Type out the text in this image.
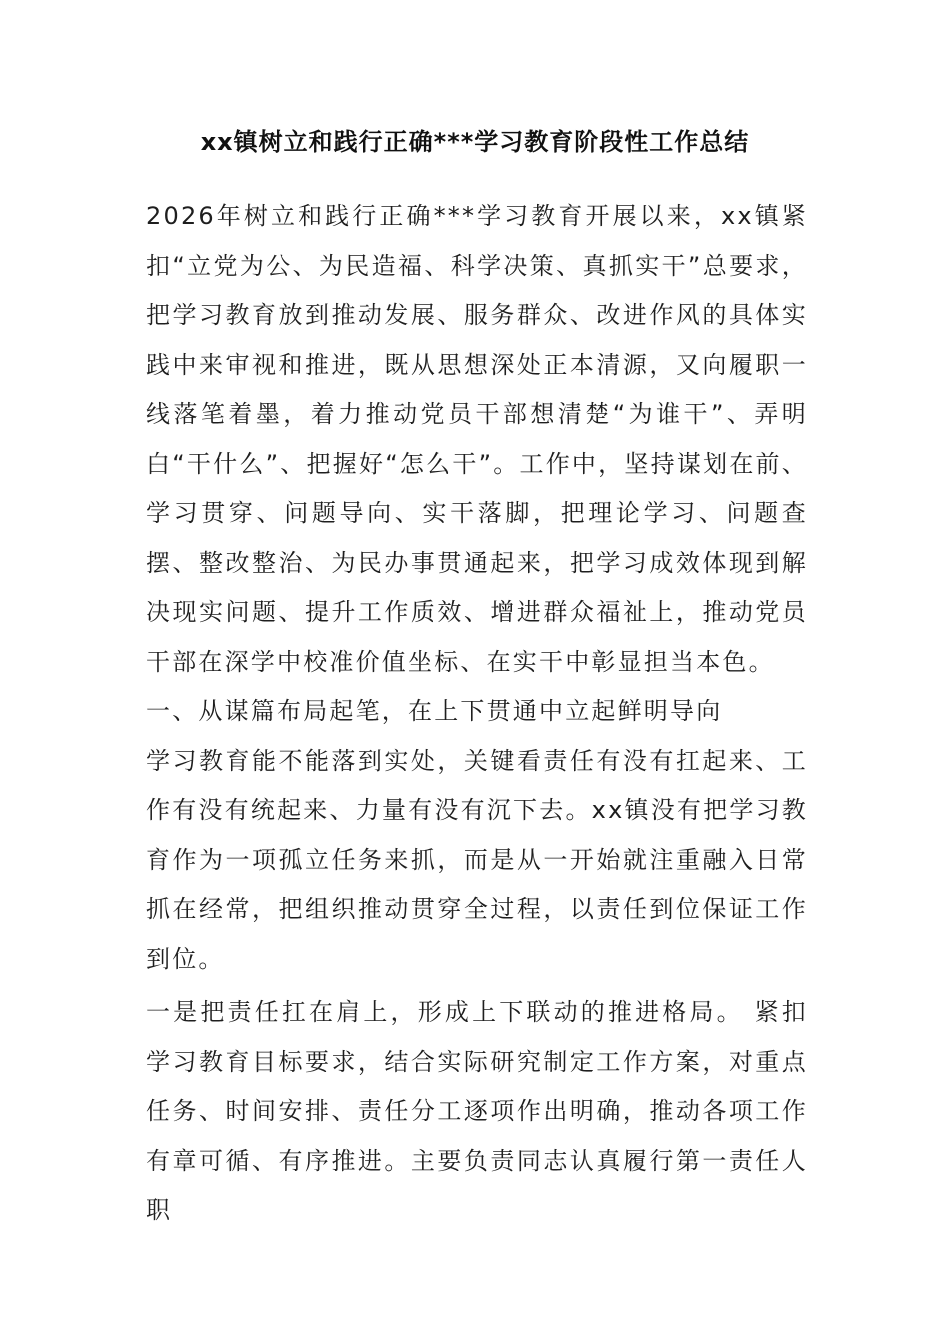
xx镇树立和践行正确***学习教育阶段性工作总结

2026年树立和践行正确***学习教育开展以来，xx镇紧扣“立党为公、为民造福、科学决策、真抓实干”总要求，把学习教育放到推动发展、服务群众、改进作风的具体实践中来审视和推进，既从思想深处正本清源，又向履职一线落笔着墨，着力推动党员干部想清楚“为谁干”、弄明白“干什么”、把握好“怎么干”。工作中，坚持谋划在前、学习贯穿、问题导向、实干落脚，把理论学习、问题查摆、整改整治、为民办事贯通起来，把学习成效体现到解决现实问题、提升工作质效、增进群众福祉上，推动党员干部在深学中校准价值坐标、在实干中彰显担当本色。

一、从谋篇布局起笔，在上下贯通中立起鲜明导向

学习教育能不能落到实处，关键看责任有没有扛起来、工作有没有统起来、力量有没有沉下去。xx镇没有把学习教育作为一项孤立任务来抓，而是从一开始就注重融入日常抓在经常，把组织推动贯穿全过程，以责任到位保证工作到位。

一是把责任扛在肩上，形成上下联动的推进格局。 紧扣学习教育目标要求，结合实际研究制定工作方案，对重点任务、时间安排、责任分工逐项作出明确，推动各项工作有章可循、有序推进。主要负责同志认真履行第一责任人职
